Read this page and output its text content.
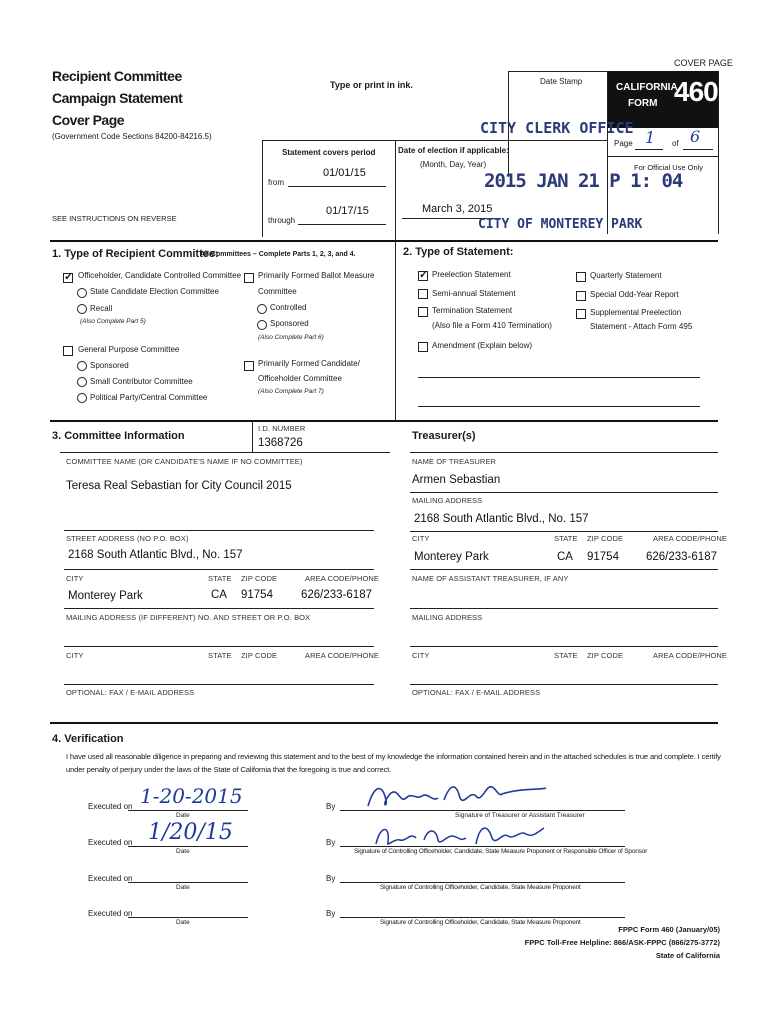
COVER PAGE
Recipient Committee
Campaign Statement
Cover Page
(Government Code Sections 84200-84216.5)
Type or print in ink.	Date Stamp
CALIFORNIA
FORM 460
Page 1 of 6
For Official Use Only
SEE INSTRUCTIONS ON REVERSE
Statement covers period
from
01/01/15
through
01/17/15
Date of election if applicable:
(Month, Day, Year)
March 3, 2015
CITY CLERK OFFICE
2015 JAN 21 P 1: 04
CITY OF MONTEREY PARK
1. Type of Recipient Committee:
All Committees – Complete Parts 1, 2, 3, and 4.
✓
Officeholder, Candidate Controlled Committee
State Candidate Election Committee
Recall
(Also Complete Part 5)
General Purpose Committee
Sponsored
Small Contributor Committee
Political Party/Central Committee
Primarily Formed Ballot Measure
Committee
Controlled
Sponsored
(Also Complete Part 6)
Primarily Formed Candidate/
Officeholder Committee
(Also Complete Part 7)
2. Type of Statement:
✓
Preelection Statement
Semi-annual Statement
Termination Statement
(Also file a Form 410 Termination)
Amendment (Explain below)
Quarterly Statement
Special Odd-Year Report
Supplemental Preelection
Statement - Attach Form 495
3. Committee Information
I.D. NUMBER
1368726
COMMITTEE NAME (OR CANDIDATE'S NAME IF NO COMMITTEE)
Teresa Real Sebastian for City Council 2015
STREET ADDRESS (NO P.O. BOX)
2168 South Atlantic Blvd., No. 157
CITY	STATE ZIP CODE	AREA CODE/PHONE
Monterey Park	CA 91754 626/233-6187
MAILING ADDRESS (IF DIFFERENT) NO. AND STREET OR P.O. BOX
CITY	STATE ZIP CODE	AREA CODE/PHONE
OPTIONAL: FAX / E-MAIL ADDRESS
Treasurer(s)
NAME OF TREASURER
Armen Sebastian
MAILING ADDRESS
2168 South Atlantic Blvd., No. 157
CITY	STATE ZIP CODE	AREA CODE/PHONE
Monterey Park	CA 91754 626/233-6187
NAME OF ASSISTANT TREASURER, IF ANY
MAILING ADDRESS
CITY	STATE ZIP CODE	AREA CODE/PHONE
OPTIONAL: FAX / E-MAIL ADDRESS
4. Verification
I have used all reasonable diligence in preparing and reviewing this statement and to the best of my knowledge the information contained herein and in the attached schedules is true and complete. I certify
under penalty of perjury under the laws of the State of California that the foregoing is true and correct.
Executed on
Date
1-20-2015	By
Signature of Treasurer or Assistant Treasurer
Executed on
Date
1/20/15	By
Signature of Controlling Officeholder, Candidate, State Measure Proponent or Responsible Officer of Sponsor
Executed on
Date
By
Signature of Controlling Officeholder, Candidate, State Measure Proponent
Executed on
Date
By
Signature of Controlling Officeholder, Candidate, State Measure Proponent
FPPC Form 460 (January/05)
FPPC Toll-Free Helpline: 866/ASK-FPPC (866/275-3772)
State of California
